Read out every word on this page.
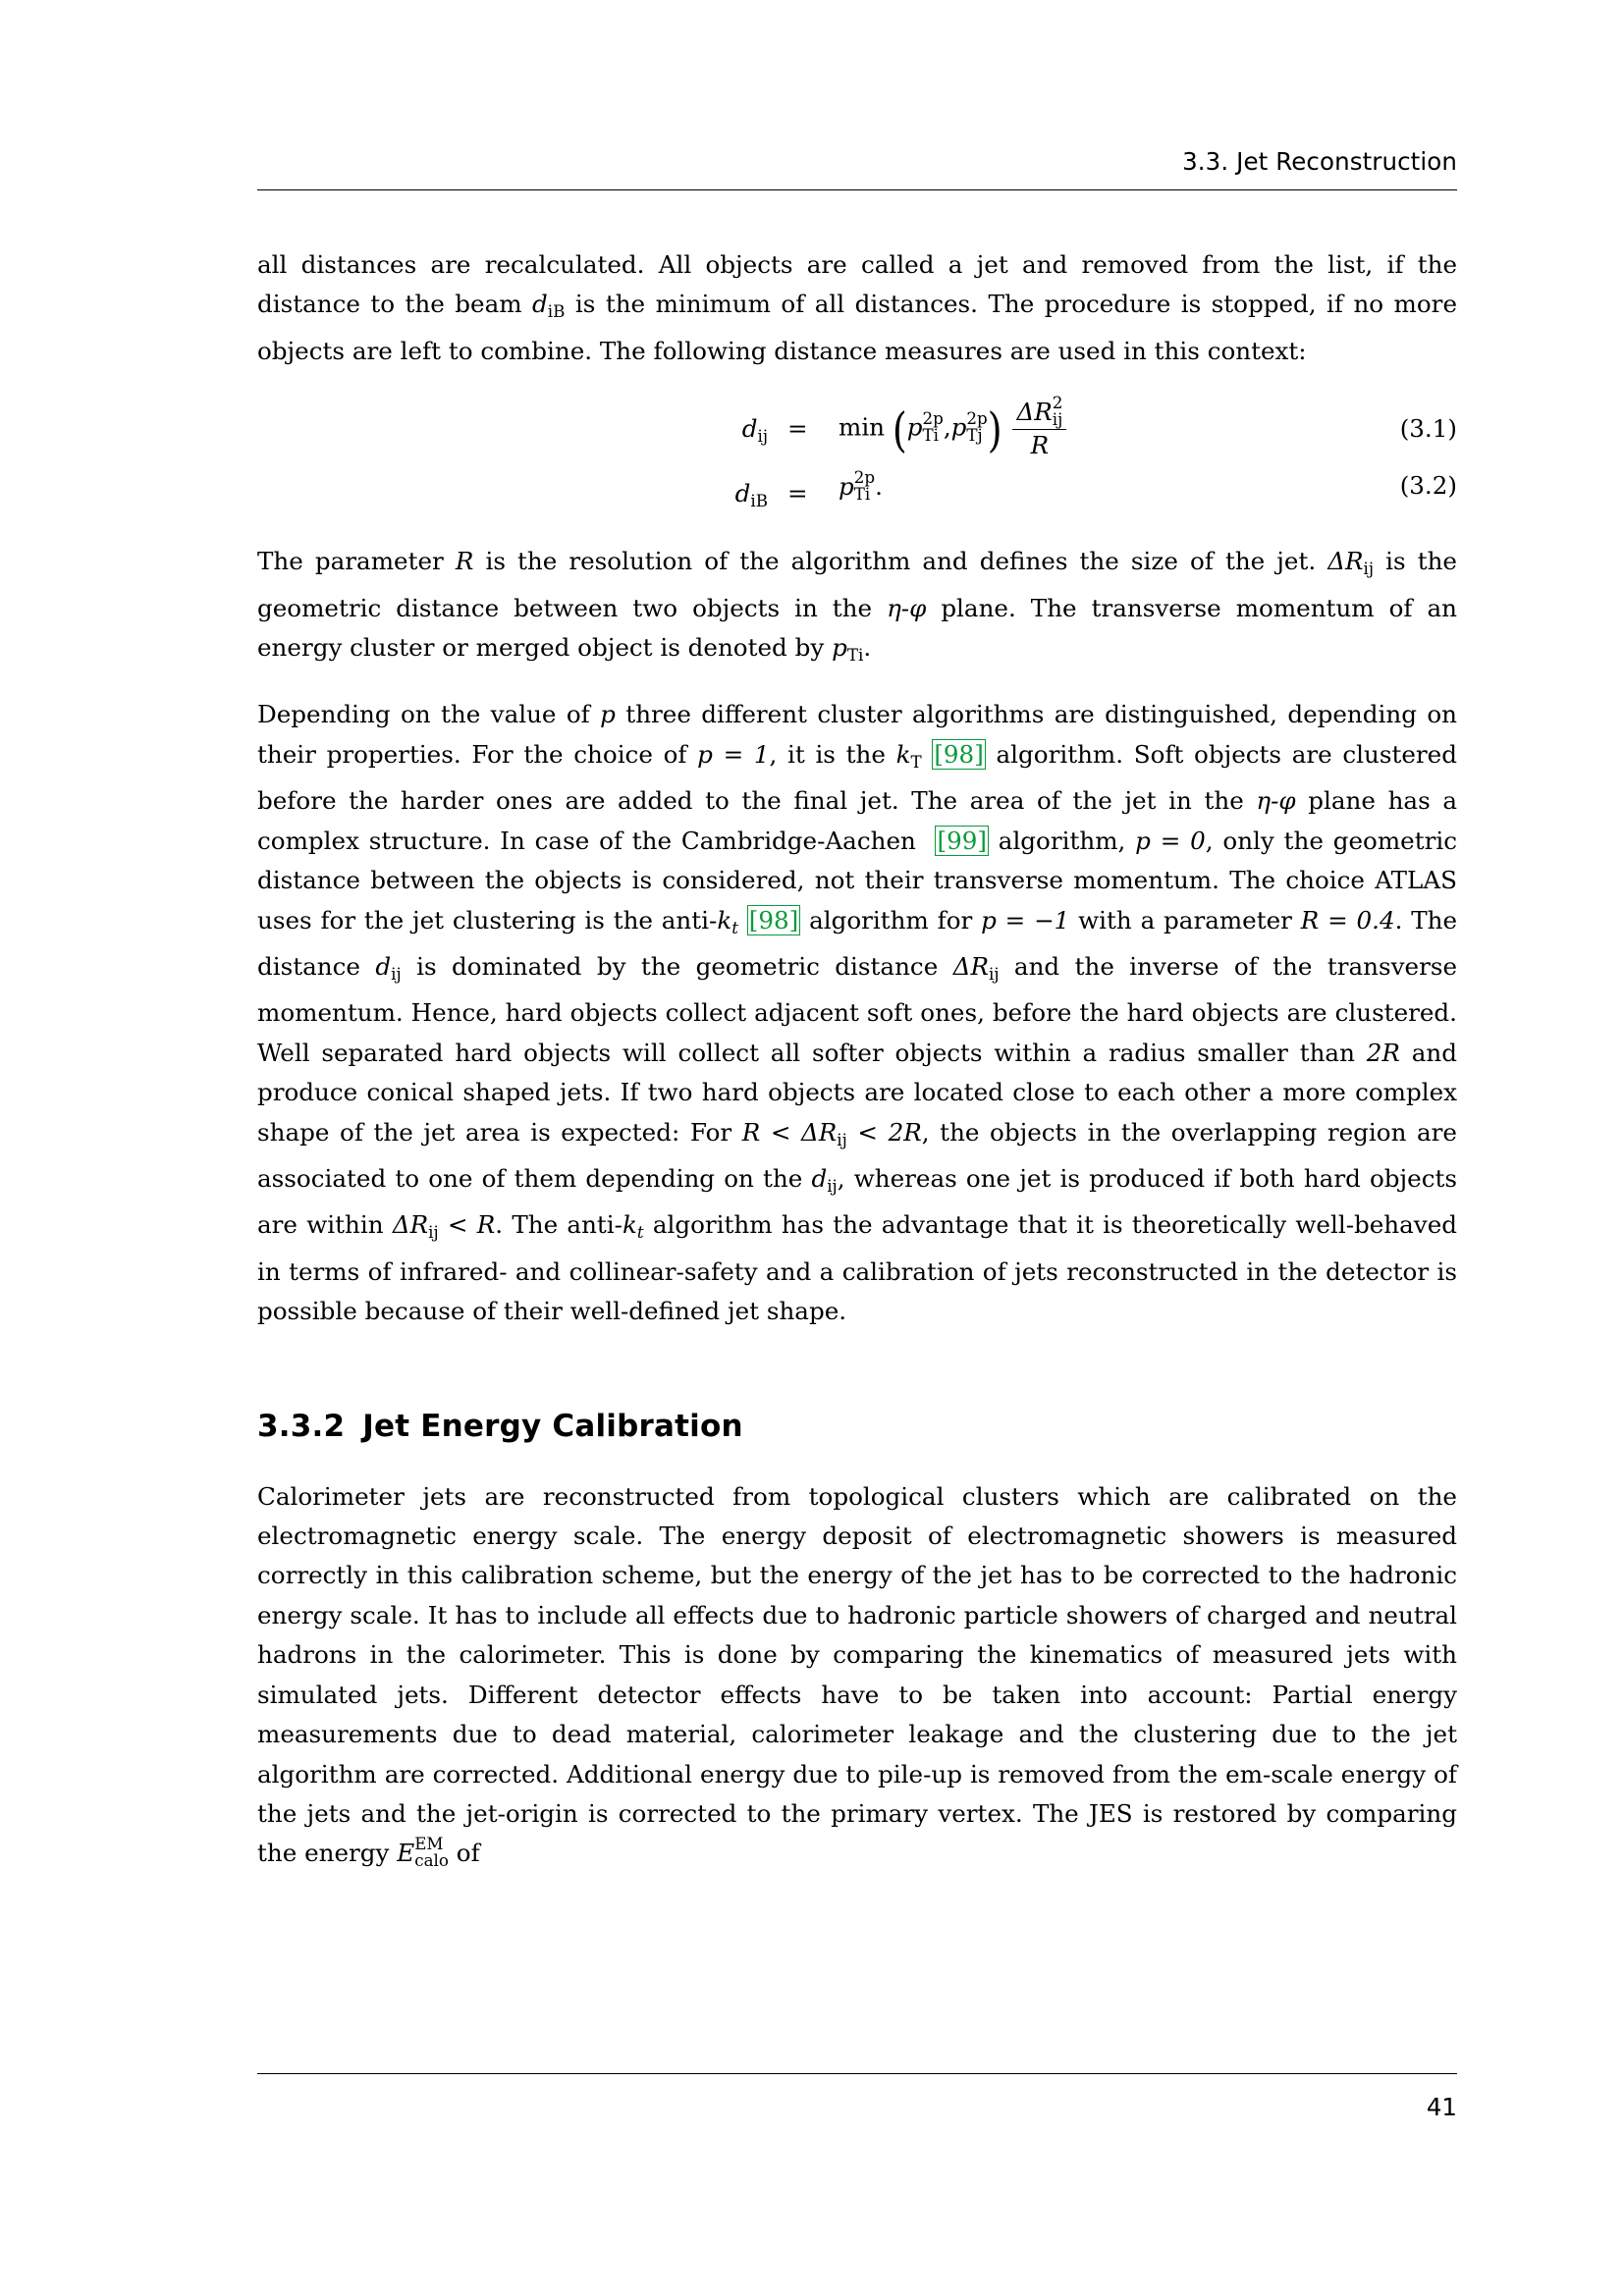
3.3. Jet Reconstruction

all distances are recalculated. All objects are called a jet and removed from the list, if the distance to the beam $d_{iB}$ is the minimum of all distances. The procedure is stopped, if no more objects are left to combine. The following distance measures are used in this context:

$d_{ij} = \min (p$ 2p
Ti ,p 2p
Tj ) ΔR 2
ij
R	(3.1)
$d_{iB} = p$ 2p
Ti .	(3.2)

The parameter R is the resolution of the algorithm and defines the size of the jet. $\Delta R_{ij}$ is the geometric distance between two objects in the η-φ plane. The transverse momentum of an energy cluster or merged object is denoted by $p_{Ti}$.

Depending on the value of p three different cluster algorithms are distinguished, depending on their properties. For the choice of p = 1, it is the $k_T$ [98] algorithm. Soft objects are clustered before the harder ones are added to the final jet. The area of the jet in the η-φ plane has a complex structure. In case of the Cambridge-Aachen  [99] algorithm, p = 0, only the geometric distance between the objects is considered, not their transverse momentum. The choice ATLAS uses for the jet clustering is the anti-$k_t$ [98] algorithm for p = −1 with a parameter R = 0.4. The distance $d_{ij}$ is dominated by the geometric distance $\Delta R_{ij}$ and the inverse of the transverse momentum. Hence, hard objects collect adjacent soft ones, before the hard objects are clustered. Well separated hard objects will collect all softer objects within a radius smaller than 2R and produce conical shaped jets. If two hard objects are located close to each other a more complex shape of the jet area is expected: For $R < \Delta R_{ij} < 2R$, the objects in the overlapping region are associated to one of them depending on the $d_{ij}$, whereas one jet is produced if both hard objects are within $\Delta R_{ij} < R$. The anti-$k_t$ algorithm has the advantage that it is theoretically well-behaved in terms of infrared- and collinear-safety and a calibration of jets reconstructed in the detector is possible because of their well-defined jet shape.

3.3.2 Jet Energy Calibration

Calorimeter jets are reconstructed from topological clusters which are calibrated on the electromagnetic energy scale. The energy deposit of electromagnetic showers is measured correctly in this calibration scheme, but the energy of the jet has to be corrected to the hadronic energy scale. It has to include all effects due to hadronic particle showers of charged and neutral hadrons in the calorimeter. This is done by comparing the kinematics of measured jets with simulated jets. Different detector effects have to be taken into account: Partial energy measurements due to dead material, calorimeter leakage and the clustering due to the jet algorithm are corrected. Additional energy due to pile-up is removed from the em-scale energy of the jets and the jet-origin is corrected to the primary vertex. The JES is restored by comparing the energy E EM
calo of

41
